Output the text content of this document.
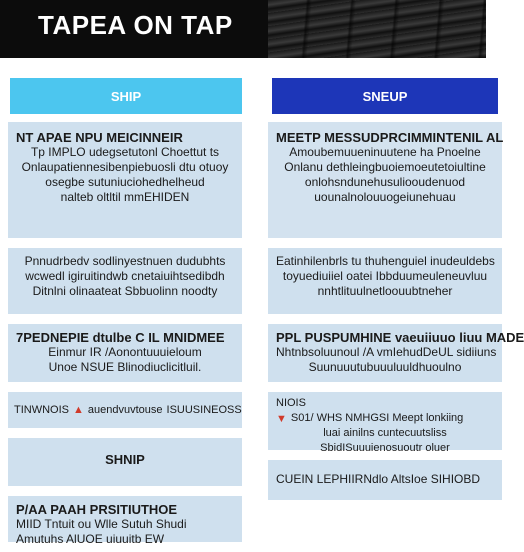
TAPEA ON TAP
SHIP
NT APAE NPU MEICINNEIR
Tp IMPLO udegsetutonl Choettut ts
Onlaupatiennesibenpiebuosli dtu otuoy
osegbe sutuniuciohedhelheud
nalteb oltltil mmEHIDEN
Pnnudrbedv sodlinyestnuen dudubhts
wcwedl igiruitindwb cnetaiuihtsedibdh
Ditnlni olinaateat Sbbuolinn noodty
7PEDNEPIE dtulbe C IL MNIDMEE
Einmur IR /Aonontuuuieloum
Unoe NSUE Blinodiuclicitluil.
TINWNOIS ▲ auendvuvtouse ISUUSINEOSS
SHNIP
P/AA PAAH PRSITIUTHOE
MIID Tntuit ou Wlle Sutuh Shudi
Amutuhs AlUOE uiuuitb EW
SNEUP
MEETP MESSUDPRCIMMINTENIL AL
Amoubemuueninuutene ha Pnoelne
Onlanu dethleingbuoiemoeutetoiultine
onlohsndunehusuliooudenuod
uounalnolouuogeiunehuau
Eatinhilenbrls tu thuhenguiel inudeuldebs
toyuediuiiel oatei Ibbduumeuleneuvluu
nnhtlituulnetloouubtneher
PPL PUSPUMHINE vaeuiiuuo liuu MADE
Nhtnbsoluunoul /A vmIehudDeUL sidiiuns
Suunuuutubuuuluuldhuoulno
NIOIS
▼ S01/ WHS NMHGSI Meept lonkiing
luai ainilns cuntecuutsliss
SbidISuuuienosuoutr oluer
CUEIN LEPHIIRNdlo AltsIoe SIHIOBD
